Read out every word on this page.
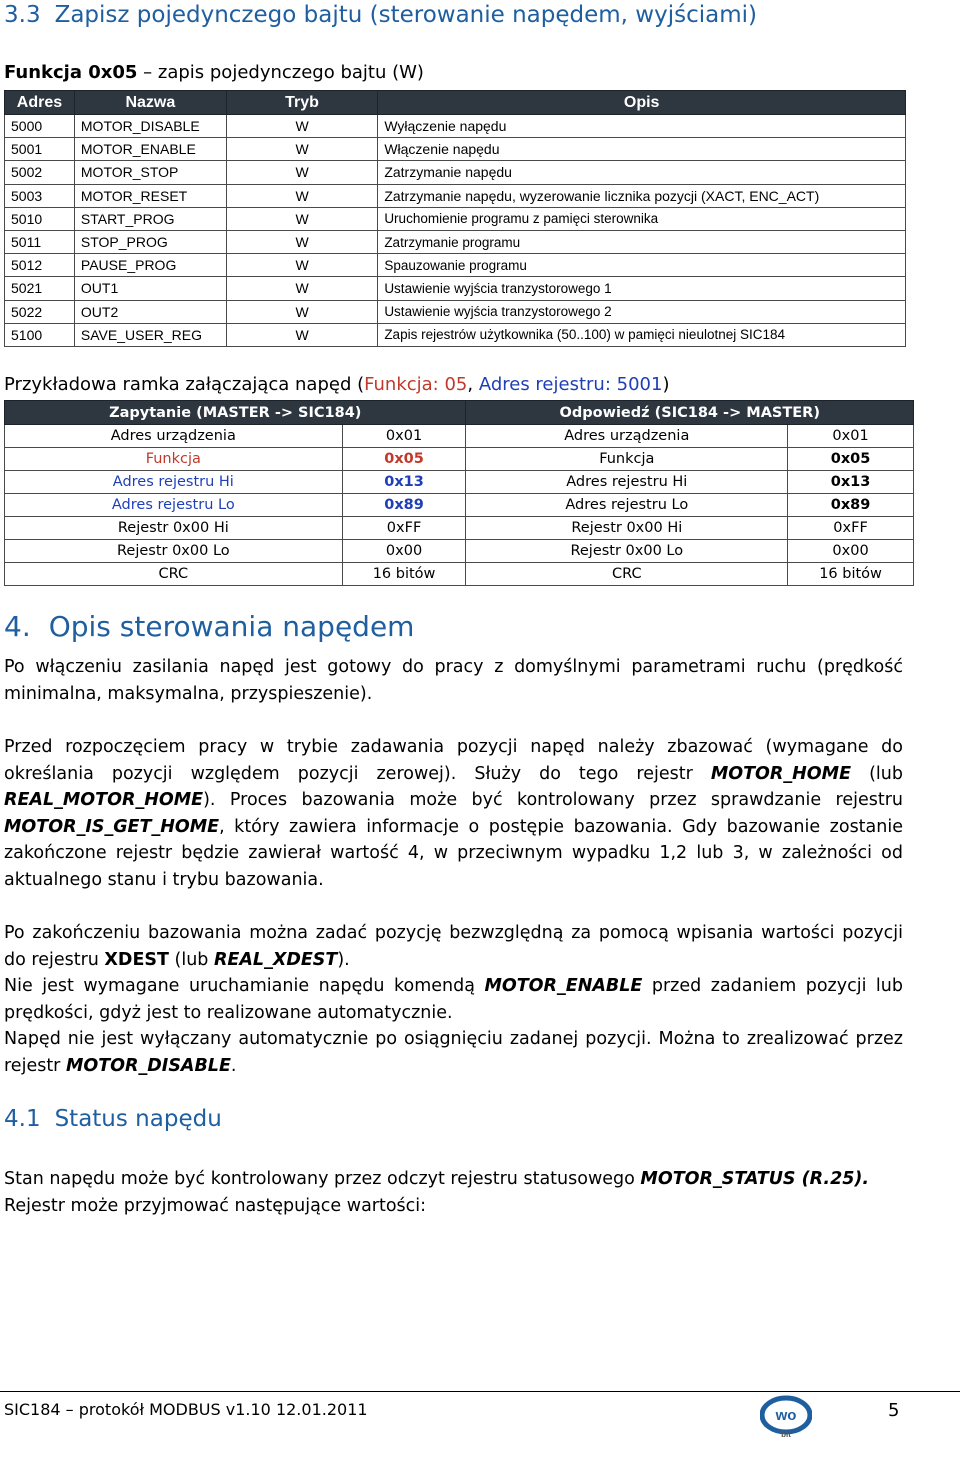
3.3 Zapisz pojedynczego bajtu (sterowanie napędem, wyjściami)
Funkcja 0x05 – zapis pojedynczego bajtu (W)
Adres	Nazwa	Tryb	Opis
5000	MOTOR_DISABLE	W	Wyłączenie napędu
5001	MOTOR_ENABLE	W	Włączenie napędu
5002	MOTOR_STOP	W	Zatrzymanie napędu
5003	MOTOR_RESET	W	Zatrzymanie napędu, wyzerowanie licznika pozycji (XACT, ENC_ACT)
5010	START_PROG	W	Uruchomienie programu z pamięci sterownika
5011	STOP_PROG	W	Zatrzymanie programu
5012	PAUSE_PROG	W	Spauzowanie programu
5021	OUT1	W	Ustawienie wyjścia tranzystorowego 1
5022	OUT2	W	Ustawienie wyjścia tranzystorowego 2
5100	SAVE_USER_REG	W	Zapis rejestrów użytkownika (50..100) w pamięci nieulotnej SIC184
Przykładowa ramka załączająca napęd (Funkcja: 05, Adres rejestru: 5001)
Zapytanie (MASTER -> SIC184)		Odpowiedź (SIC184 -> MASTER)	
Adres urządzenia	0x01	Adres urządzenia	0x01
Funkcja	0x05	Funkcja	0x05
Adres rejestru Hi	0x13	Adres rejestru Hi	0x13
Adres rejestru Lo	0x89	Adres rejestru Lo	0x89
Rejestr 0x00 Hi	0xFF	Rejestr 0x00 Hi	0xFF
Rejestr 0x00 Lo	0x00	Rejestr 0x00 Lo	0x00
CRC	16 bitów	CRC	16 bitów
4. Opis sterowania napędem
Po włączeniu zasilania napęd jest gotowy do pracy z domyślnymi parametrami ruchu (prędkość minimalna, maksymalna, przyspieszenie).
Przed rozpoczęciem pracy w trybie zadawania pozycji napęd należy zbazować (wymagane do określania pozycji względem pozycji zerowej). Służy do tego rejestr MOTOR_HOME (lub REAL_MOTOR_HOME). Proces bazowania może być kontrolowany przez sprawdzanie rejestru MOTOR_IS_GET_HOME, który zawiera informacje o postępie bazowania. Gdy bazowanie zostanie zakończone rejestr będzie zawierał wartość 4, w przeciwnym wypadku 1,2 lub 3, w zależności od aktualnego stanu i trybu bazowania.
Po zakończeniu bazowania można zadać pozycję bezwzględną za pomocą wpisania wartości pozycji do rejestru XDEST (lub REAL_XDEST).
Nie jest wymagane uruchamianie napędu komendą MOTOR_ENABLE przed zadaniem pozycji lub prędkości, gdyż jest to realizowane automatycznie.
Napęd nie jest wyłączany automatycznie po osiągnięciu zadanej pozycji. Można to zrealizować przez rejestr MOTOR_DISABLE.
4.1 Status napędu
Stan napędu może być kontrolowany przez odczyt rejestru statusowego MOTOR_STATUS (R.25).
Rejestr może przyjmować następujące wartości:
SIC184 – protokół MODBUS v1.10 12.01.2011	wo
bit
5
